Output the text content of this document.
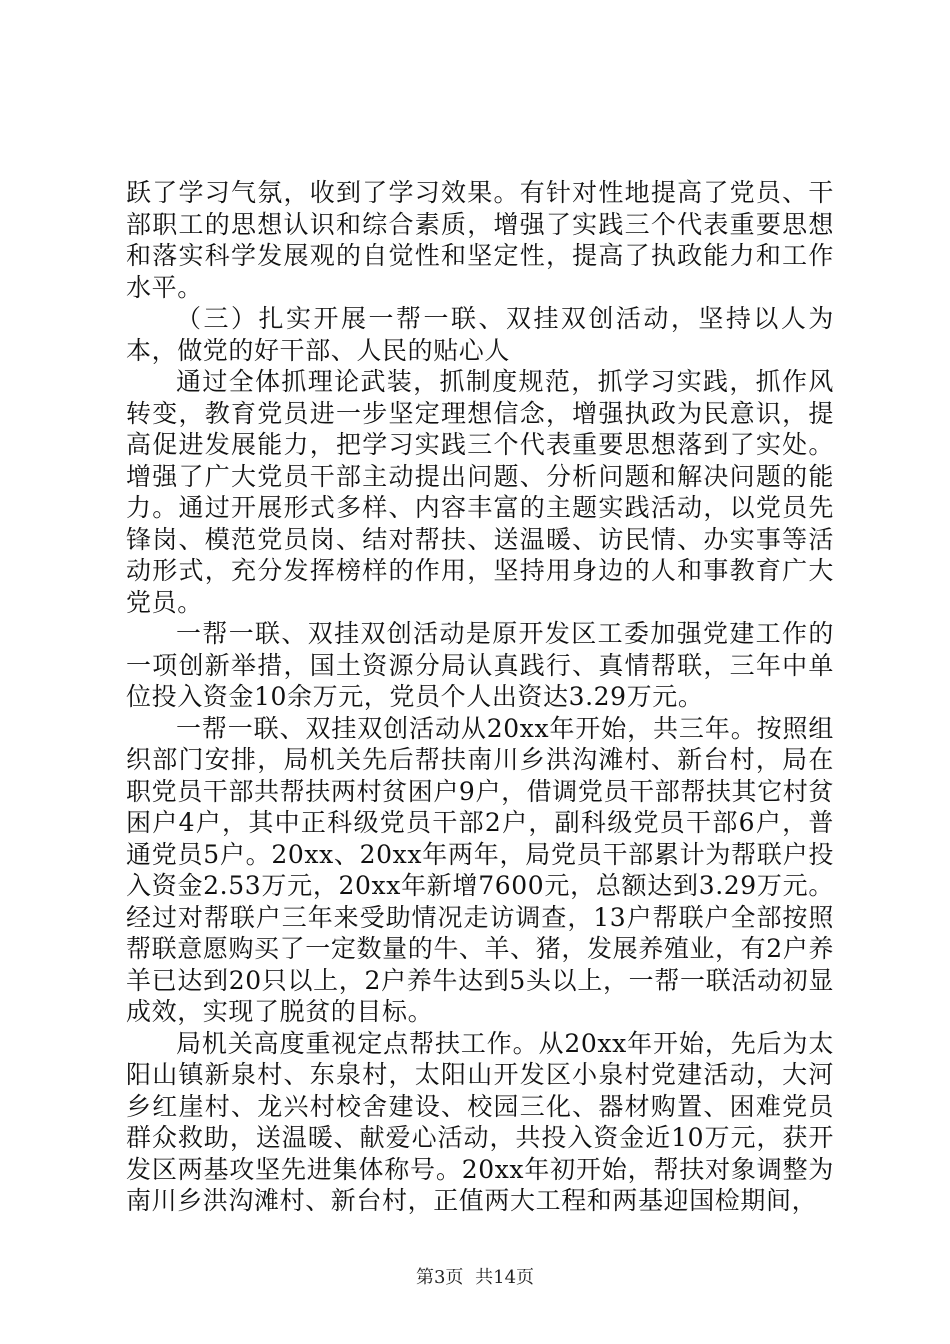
跃了学习气氛，收到了学习效果。有针对性地提高了党员、干部职工的思想认识和综合素质，增强了实践三个代表重要思想和落实科学发展观的自觉性和坚定性，提高了执政能力和工作水平。

（三）扎实开展一帮一联、双挂双创活动，坚持以人为本，做党的好干部、人民的贴心人

通过全体抓理论武装，抓制度规范，抓学习实践，抓作风转变，教育党员进一步坚定理想信念，增强执政为民意识，提高促进发展能力，把学习实践三个代表重要思想落到了实处。增强了广大党员干部主动提出问题、分析问题和解决问题的能力。通过开展形式多样、内容丰富的主题实践活动，以党员先锋岗、模范党员岗、结对帮扶、送温暖、访民情、办实事等活动形式，充分发挥榜样的作用，坚持用身边的人和事教育广大党员。

一帮一联、双挂双创活动是原开发区工委加强党建工作的一项创新举措，国土资源分局认真践行、真情帮联，三年中单位投入资金10余万元，党员个人出资达3.29万元。

一帮一联、双挂双创活动从20xx年开始，共三年。按照组织部门安排，局机关先后帮扶南川乡洪沟滩村、新台村，局在职党员干部共帮扶两村贫困户9户，借调党员干部帮扶其它村贫困户4户，其中正科级党员干部2户，副科级党员干部6户，普通党员5户。20xx、20xx年两年，局党员干部累计为帮联户投入资金2.53万元，20xx年新增7600元，总额达到3.29万元。经过对帮联户三年来受助情况走访调查，13户帮联户全部按照帮联意愿购买了一定数量的牛、羊、猪，发展养殖业，有2户养羊已达到20只以上，2户养牛达到5头以上，一帮一联活动初显成效，实现了脱贫的目标。

局机关高度重视定点帮扶工作。从20xx年开始，先后为太阳山镇新泉村、东泉村，太阳山开发区小泉村党建活动，大河乡红崖村、龙兴村校舍建设、校园三化、器材购置、困难党员群众救助，送温暖、献爱心活动，共投入资金近10万元，获开发区两基攻坚先进集体称号。20xx年初开始，帮扶对象调整为南川乡洪沟滩村、新台村，正值两大工程和两基迎国检期间，

第3页 共14页
